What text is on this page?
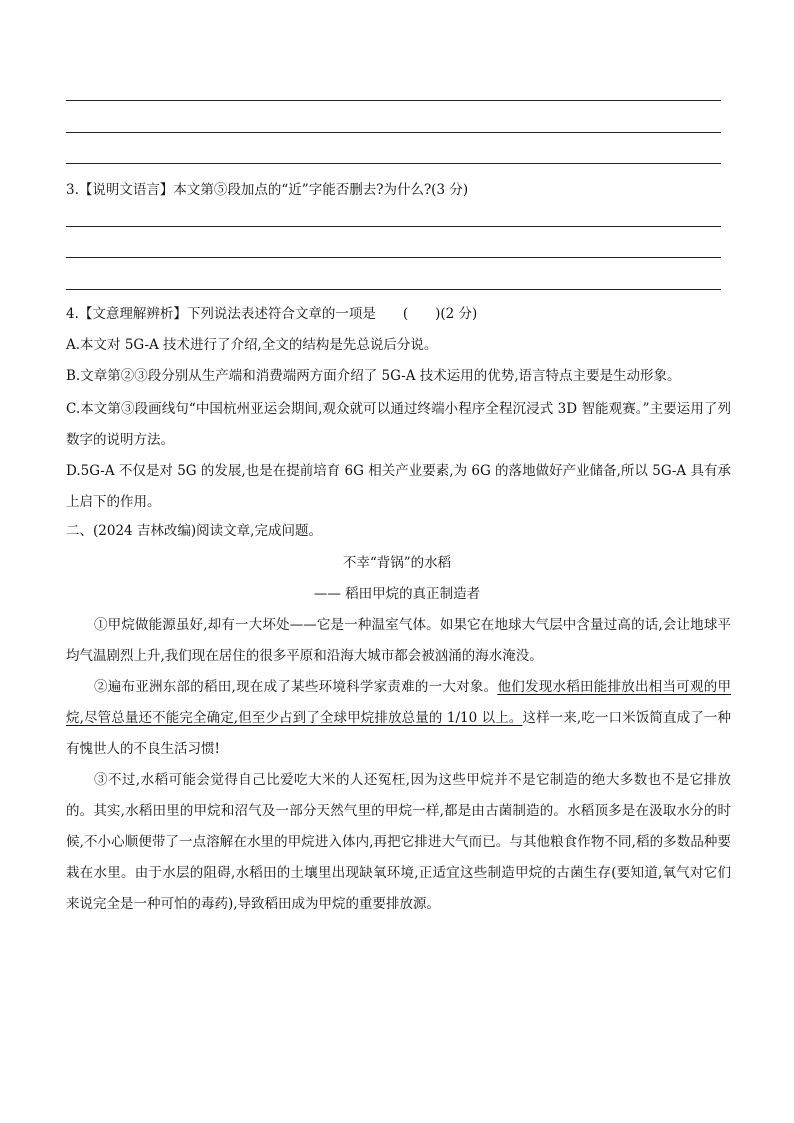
3.【说明文语言】本文第⑤段加点的“近”字能否删去?为什么?(3 分)
4.【文意理解辨析】下列说法表述符合文章的一项是　　(　　)(2 分)
A.本文对 5G-A 技术进行了介绍,全文的结构是先总说后分说。
B.文章第②③段分别从生产端和消费端两方面介绍了 5G-A 技术运用的优势,语言特点主要是生动形象。
C.本文第③段画线句“中国杭州亚运会期间,观众就可以通过终端小程序全程沉浸式 3D 智能观赛。”主要运用了列数字的说明方法。
D.5G-A 不仅是对 5G 的发展,也是在提前培育 6G 相关产业要素,为 6G 的落地做好产业储备,所以 5G-A 具有承上启下的作用。
二、(2024 吉林改编)阅读文章,完成问题。
不幸“背锅”的水稻
—— 稻田甲烷的真正制造者
①甲烷做能源虽好,却有一大坏处——它是一种温室气体。如果它在地球大气层中含量过高的话,会让地球平均气温剧烈上升,我们现在居住的很多平原和沿海大城市都会被汹涌的海水淹没。
②遍布亚洲东部的稻田,现在成了某些环境科学家责难的一大对象。他们发现水稻田能排放出相当可观的甲烷,尽管总量还不能完全确定,但至少占到了全球甲烷排放总量的 1/10 以上。这样一来,吃一口米饭简直成了一种有愧世人的不良生活习惯!
③不过,水稻可能会觉得自己比爱吃大米的人还冤枉,因为这些甲烷并不是它制造的绝大多数也不是它排放的。其实,水稻田里的甲烷和沼气及一部分天然气里的甲烷一样,都是由古菌制造的。水稻顶多是在汲取水分的时候,不小心顺便带了一点溶解在水里的甲烷进入体内,再把它排进大气而已。与其他粮食作物不同,稻的多数品种要栽在水里。由于水层的阻碍,水稻田的土壤里出现缺氧环境,正适宜这些制造甲烷的古菌生存(要知道,氧气对它们来说完全是一种可怕的毒药),导致稻田成为甲烷的重要排放源。
